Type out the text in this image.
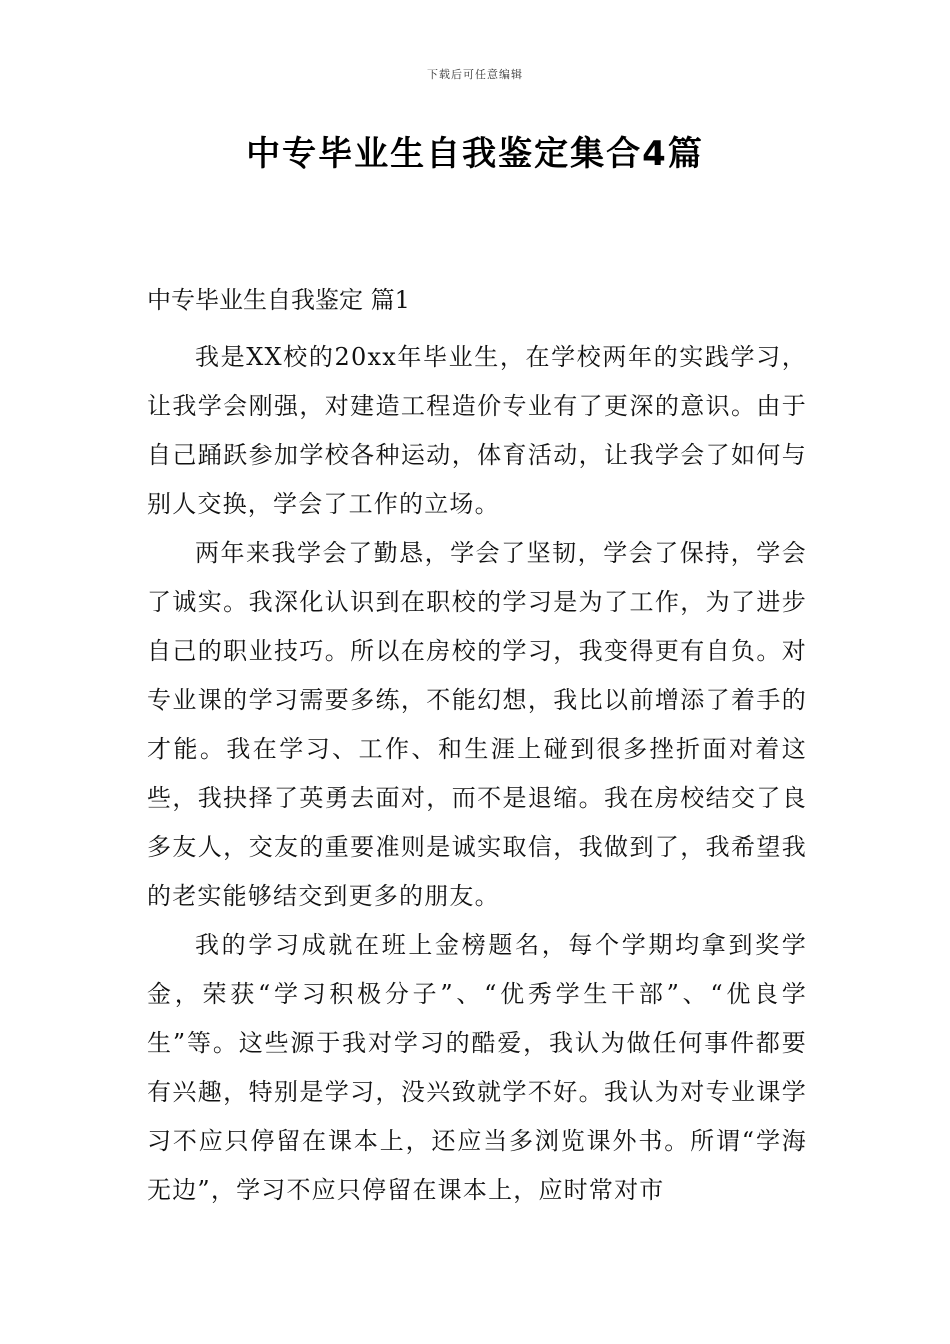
下载后可任意编辑
中专毕业生自我鉴定集合4篇
中专毕业生自我鉴定 篇1

我是XX校的20xx年毕业生，在学校两年的实践学习，让我学会刚强，对建造工程造价专业有了更深的意识。由于自己踊跃参加学校各种运动，体育活动，让我学会了如何与别人交换，学会了工作的立场。

两年来我学会了勤恳，学会了坚韧，学会了保持，学会了诚实。我深化认识到在职校的学习是为了工作，为了进步自己的职业技巧。所以在房校的学习，我变得更有自负。对专业课的学习需要多练，不能幻想，我比以前增添了着手的才能。我在学习、工作、和生涯上碰到很多挫折面对着这些，我抉择了英勇去面对，而不是退缩。我在房校结交了良多友人，交友的重要准则是诚实取信，我做到了，我希望我的老实能够结交到更多的朋友。

我的学习成就在班上金榜题名，每个学期均拿到奖学金，荣获“学习积极分子”、“优秀学生干部”、“优良学生”等。这些源于我对学习的酷爱，我认为做任何事件都要有兴趣，特别是学习，没兴致就学不好。我认为对专业课学习不应只停留在课本上，还应当多浏览课外书。所谓“学海无边”，学习不应只停留在课本上，应时常对市
